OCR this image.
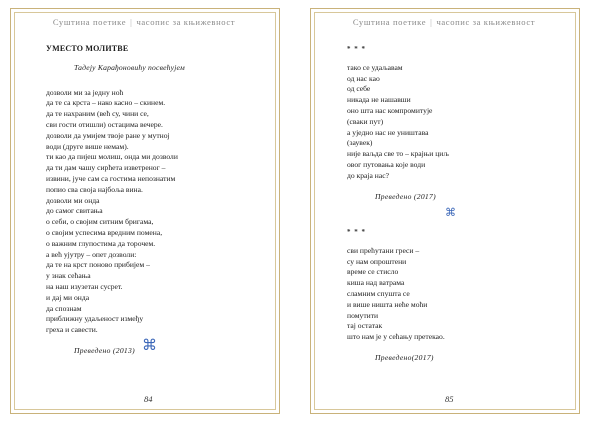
Суштина поетике | часопис за књижевност
УМЕСТО МОЛИТВЕ
Тадеју Карађоновићу посвећујем
дозволи ми за једну ноћ
да те са крста – нако касно – скинем.
да те нахраним (већ су, чини се,
сви гости отишли) остацима вечере.
дозволи да умијем твоје ране у мутној
води (друге више немам).
ти као да пијеш молиш, онда ми дозволи
да ти дам чашу сирћета изветреног –
извини, јуче сам са гостима непознатим
попио сва своја најбоља вина.
дозволи ми онда
до самог свитања
о себи, о својим ситним бригама,
о својим успесима вредним помена,
о важним глупостима да торочем.
а већ ујутру – опет дозволи:
да те на крст поново прибијем –
у знак сећања
на наш изузетан сусрет.
и дај ми онда
да спознам
приближну удаљеност између
греха и савести.
Преведено (2013) ⌘
84
Суштина поетике | часопис за књижевност
* * *
тако се удаљавам
од нас као
од себе
никада не нашавши
оно шта нас компромитује
(сваки пут)
а уједно нас не уништава
(заувек)
није ваљда све то – крајњи циљ
овог путовања које води
до краја нас?
Преведено (2017)
* * *
сви прећутани греси –
су нам опроштени
време се стисло
киша над ватрама
сламним спушта се
и више ништа неће моћи
помутити
тај остатак
што нам је у сећању претекао.
Преведено(2017)
⌘
85
